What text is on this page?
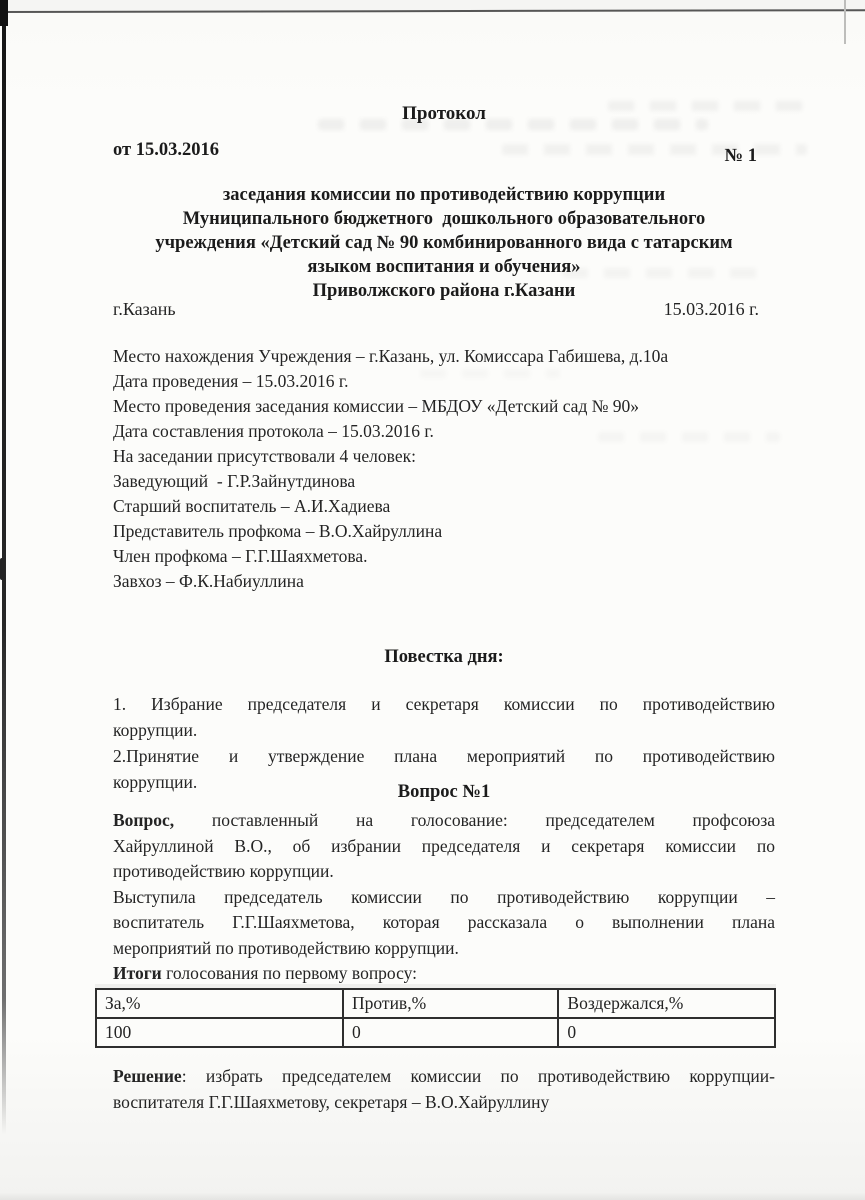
Протокол
от 15.03.2016	№ 1
заседания комиссии по противодействию коррупции
Муниципального бюджетного  дошкольного образовательного
учреждения «Детский сад № 90 комбинированного вида с татарским
языком воспитания и обучения»
Приволжского района г.Казани
г.Казань	15.03.2016 г.
Место нахождения Учреждения – г.Казань, ул. Комиссара Габишева, д.10а
Дата проведения – 15.03.2016 г.
Место проведения заседания комиссии – МБДОУ «Детский сад № 90»
Дата составления протокола – 15.03.2016 г.
На заседании присутствовали 4 человек:
Заведующий  - Г.Р.Зайнутдинова
Старший воспитатель – А.И.Хадиева
Представитель профкома – В.О.Хайруллина
Член профкома – Г.Г.Шаяхметова.
Завхоз – Ф.К.Набиуллина
Повестка дня:
1. Избрание председателя и секретаря комиссии по противодействию
коррупции.
2.Принятие и утверждение плана мероприятий по противодействию
коррупции.	Вопрос №1
Вопрос, поставленный на голосование: председателем профсоюза
Хайруллиной В.О., об избрании председателя и секретаря комиссии по
противодействию коррупции.
Выступила председатель комиссии по противодействию коррупции –
воспитатель Г.Г.Шаяхметова, которая рассказала о выполнении плана
мероприятий по противодействию коррупции.
Итоги голосования по первому вопросу:
За,%	Против,%	Воздержался,%
100	0	0
Решение: избрать председателем комиссии по противодействию коррупции-
воспитателя Г.Г.Шаяхметову, секретаря – В.О.Хайруллину
